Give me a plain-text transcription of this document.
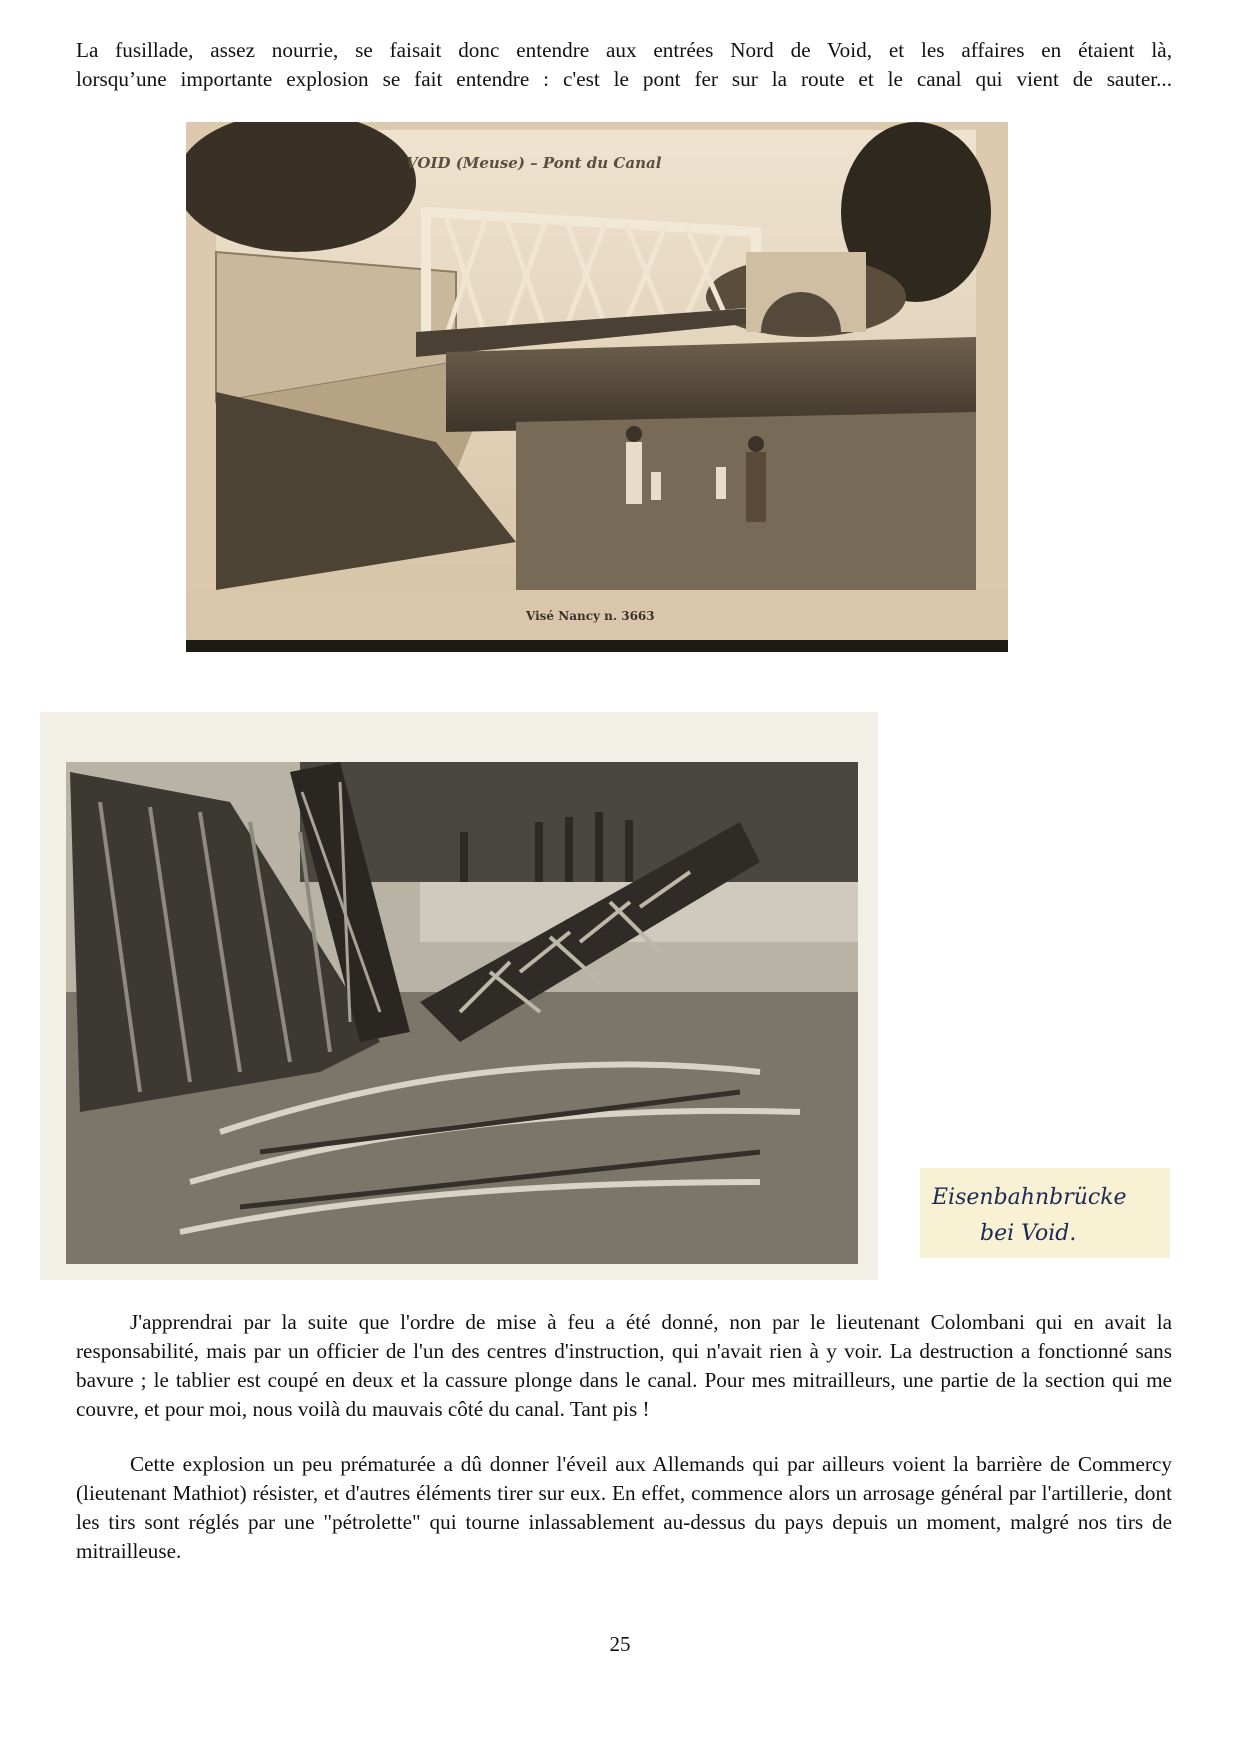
La fusillade, assez nourrie, se faisait donc entendre aux entrées Nord de Void, et les affaires en étaient là,
lorsqu’une importante explosion se fait entendre : c'est le pont fer sur la route et le canal qui vient de sauter...

VOID (Meuse) – Pont du Canal
Visé Nancy n. 3663
Eisenbahnbrücke
bei Void.

J'apprendrai par la suite que l'ordre de mise à feu a été donné, non par le lieutenant Colombani qui en avait la responsabilité, mais par un officier de l'un des centres d'instruction, qui n'avait rien à y voir. La destruction a fonctionné sans bavure ; le tablier est coupé en deux et la cassure plonge dans le canal. Pour mes mitrailleurs, une partie de la section qui me couvre, et pour moi, nous voilà du mauvais côté du canal. Tant pis !

Cette explosion un peu prématurée a dû donner l'éveil aux Allemands qui par ailleurs voient la barrière de Commercy (lieutenant Mathiot) résister, et d'autres éléments tirer sur eux. En effet, commence alors un arrosage général par l'artillerie, dont les tirs sont réglés par une "pétrolette" qui tourne inlassablement au-dessus du pays depuis un moment, malgré nos tirs de mitrailleuse.

25
